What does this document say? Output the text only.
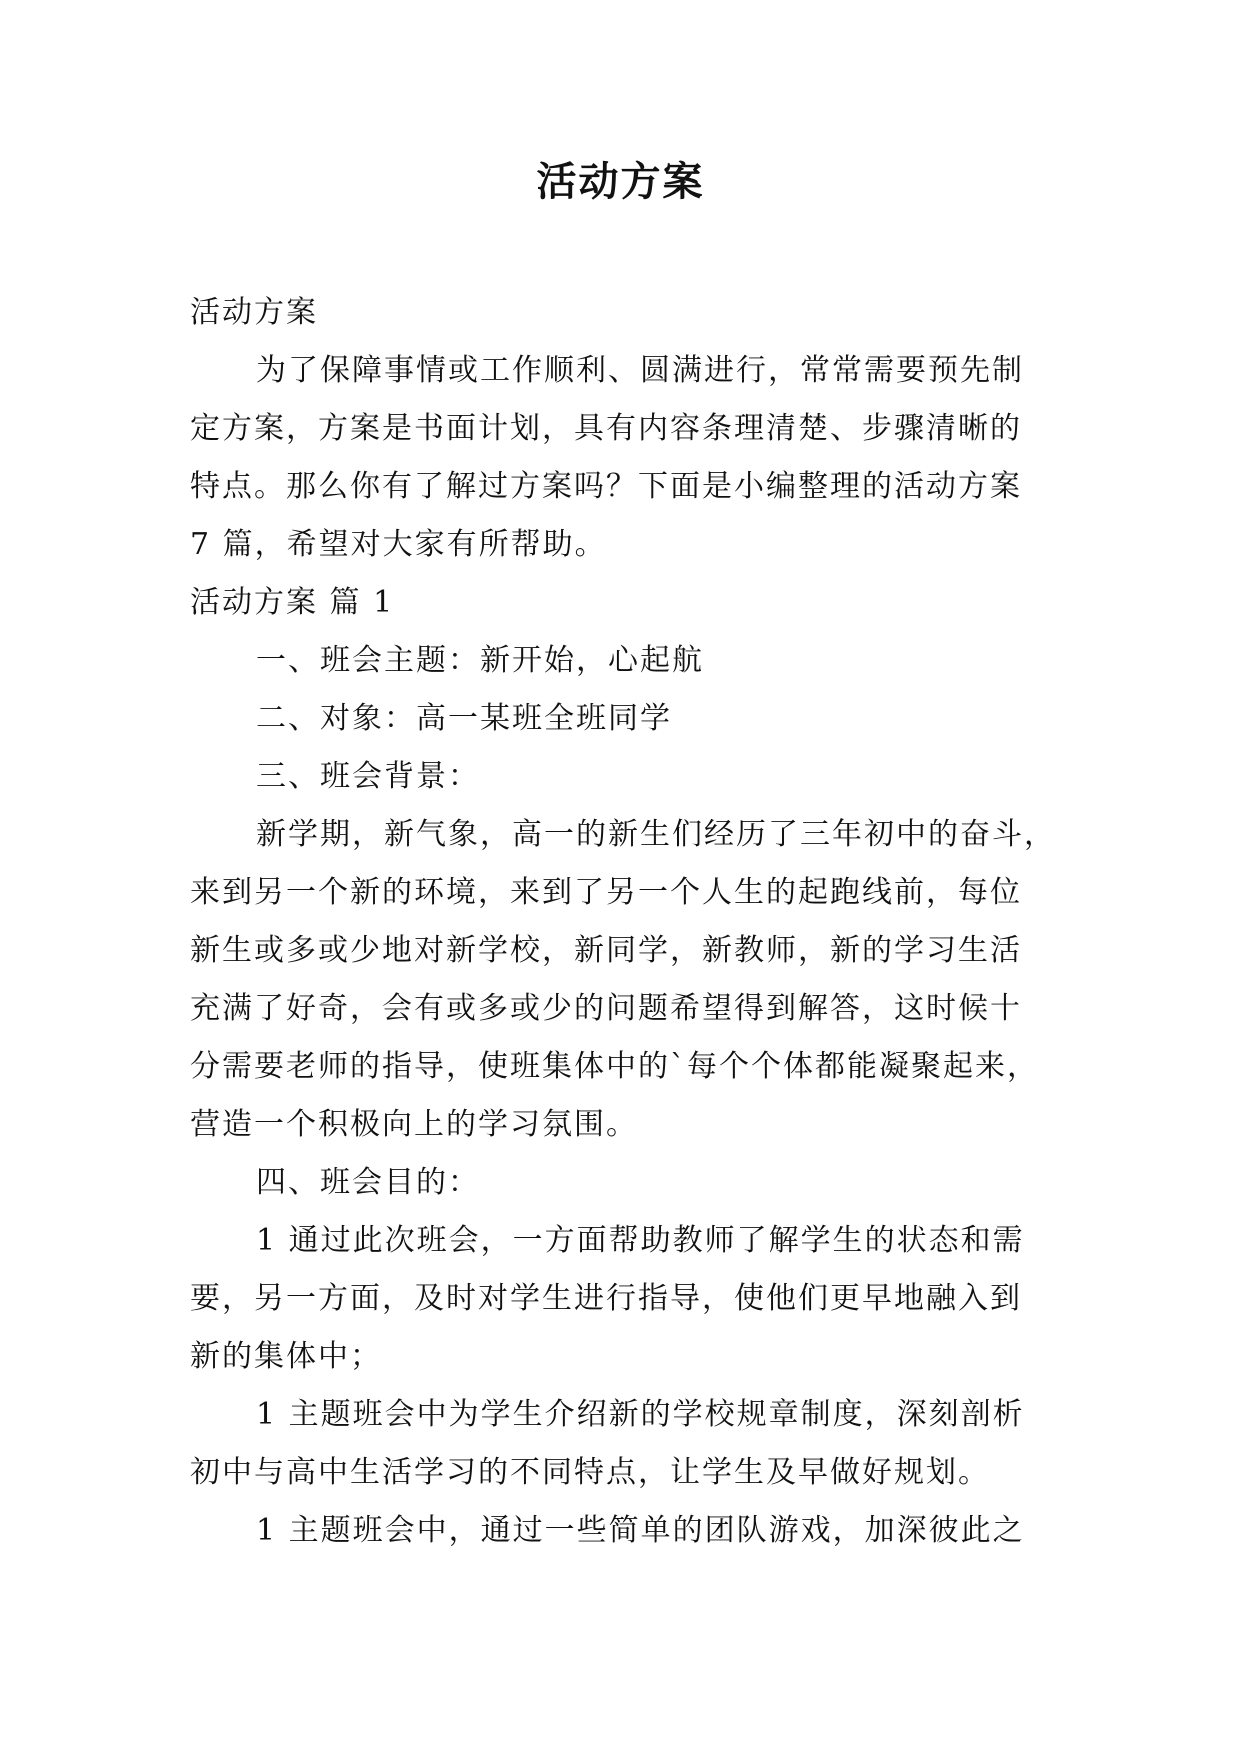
活动方案

活动方案

为了保障事情或工作顺利、圆满进行，常常需要预先制

定方案，方案是书面计划，具有内容条理清楚、步骤清晰的

特点。那么你有了解过方案吗？下面是小编整理的活动方案

7 篇，希望对大家有所帮助。

活动方案 篇 1

一、班会主题：新开始，心起航

二、对象：高一某班全班同学

三、班会背景：

新学期，新气象，高一的新生们经历了三年初中的奋斗，

来到另一个新的环境，来到了另一个人生的起跑线前，每位

新生或多或少地对新学校，新同学，新教师，新的学习生活

充满了好奇，会有或多或少的问题希望得到解答，这时候十

分需要老师的指导，使班集体中的`每个个体都能凝聚起来，

营造一个积极向上的学习氛围。

四、班会目的：

1 通过此次班会，一方面帮助教师了解学生的状态和需

要，另一方面，及时对学生进行指导，使他们更早地融入到

新的集体中；

1 主题班会中为学生介绍新的学校规章制度，深刻剖析

初中与高中生活学习的不同特点，让学生及早做好规划。

1 主题班会中，通过一些简单的团队游戏，加深彼此之
